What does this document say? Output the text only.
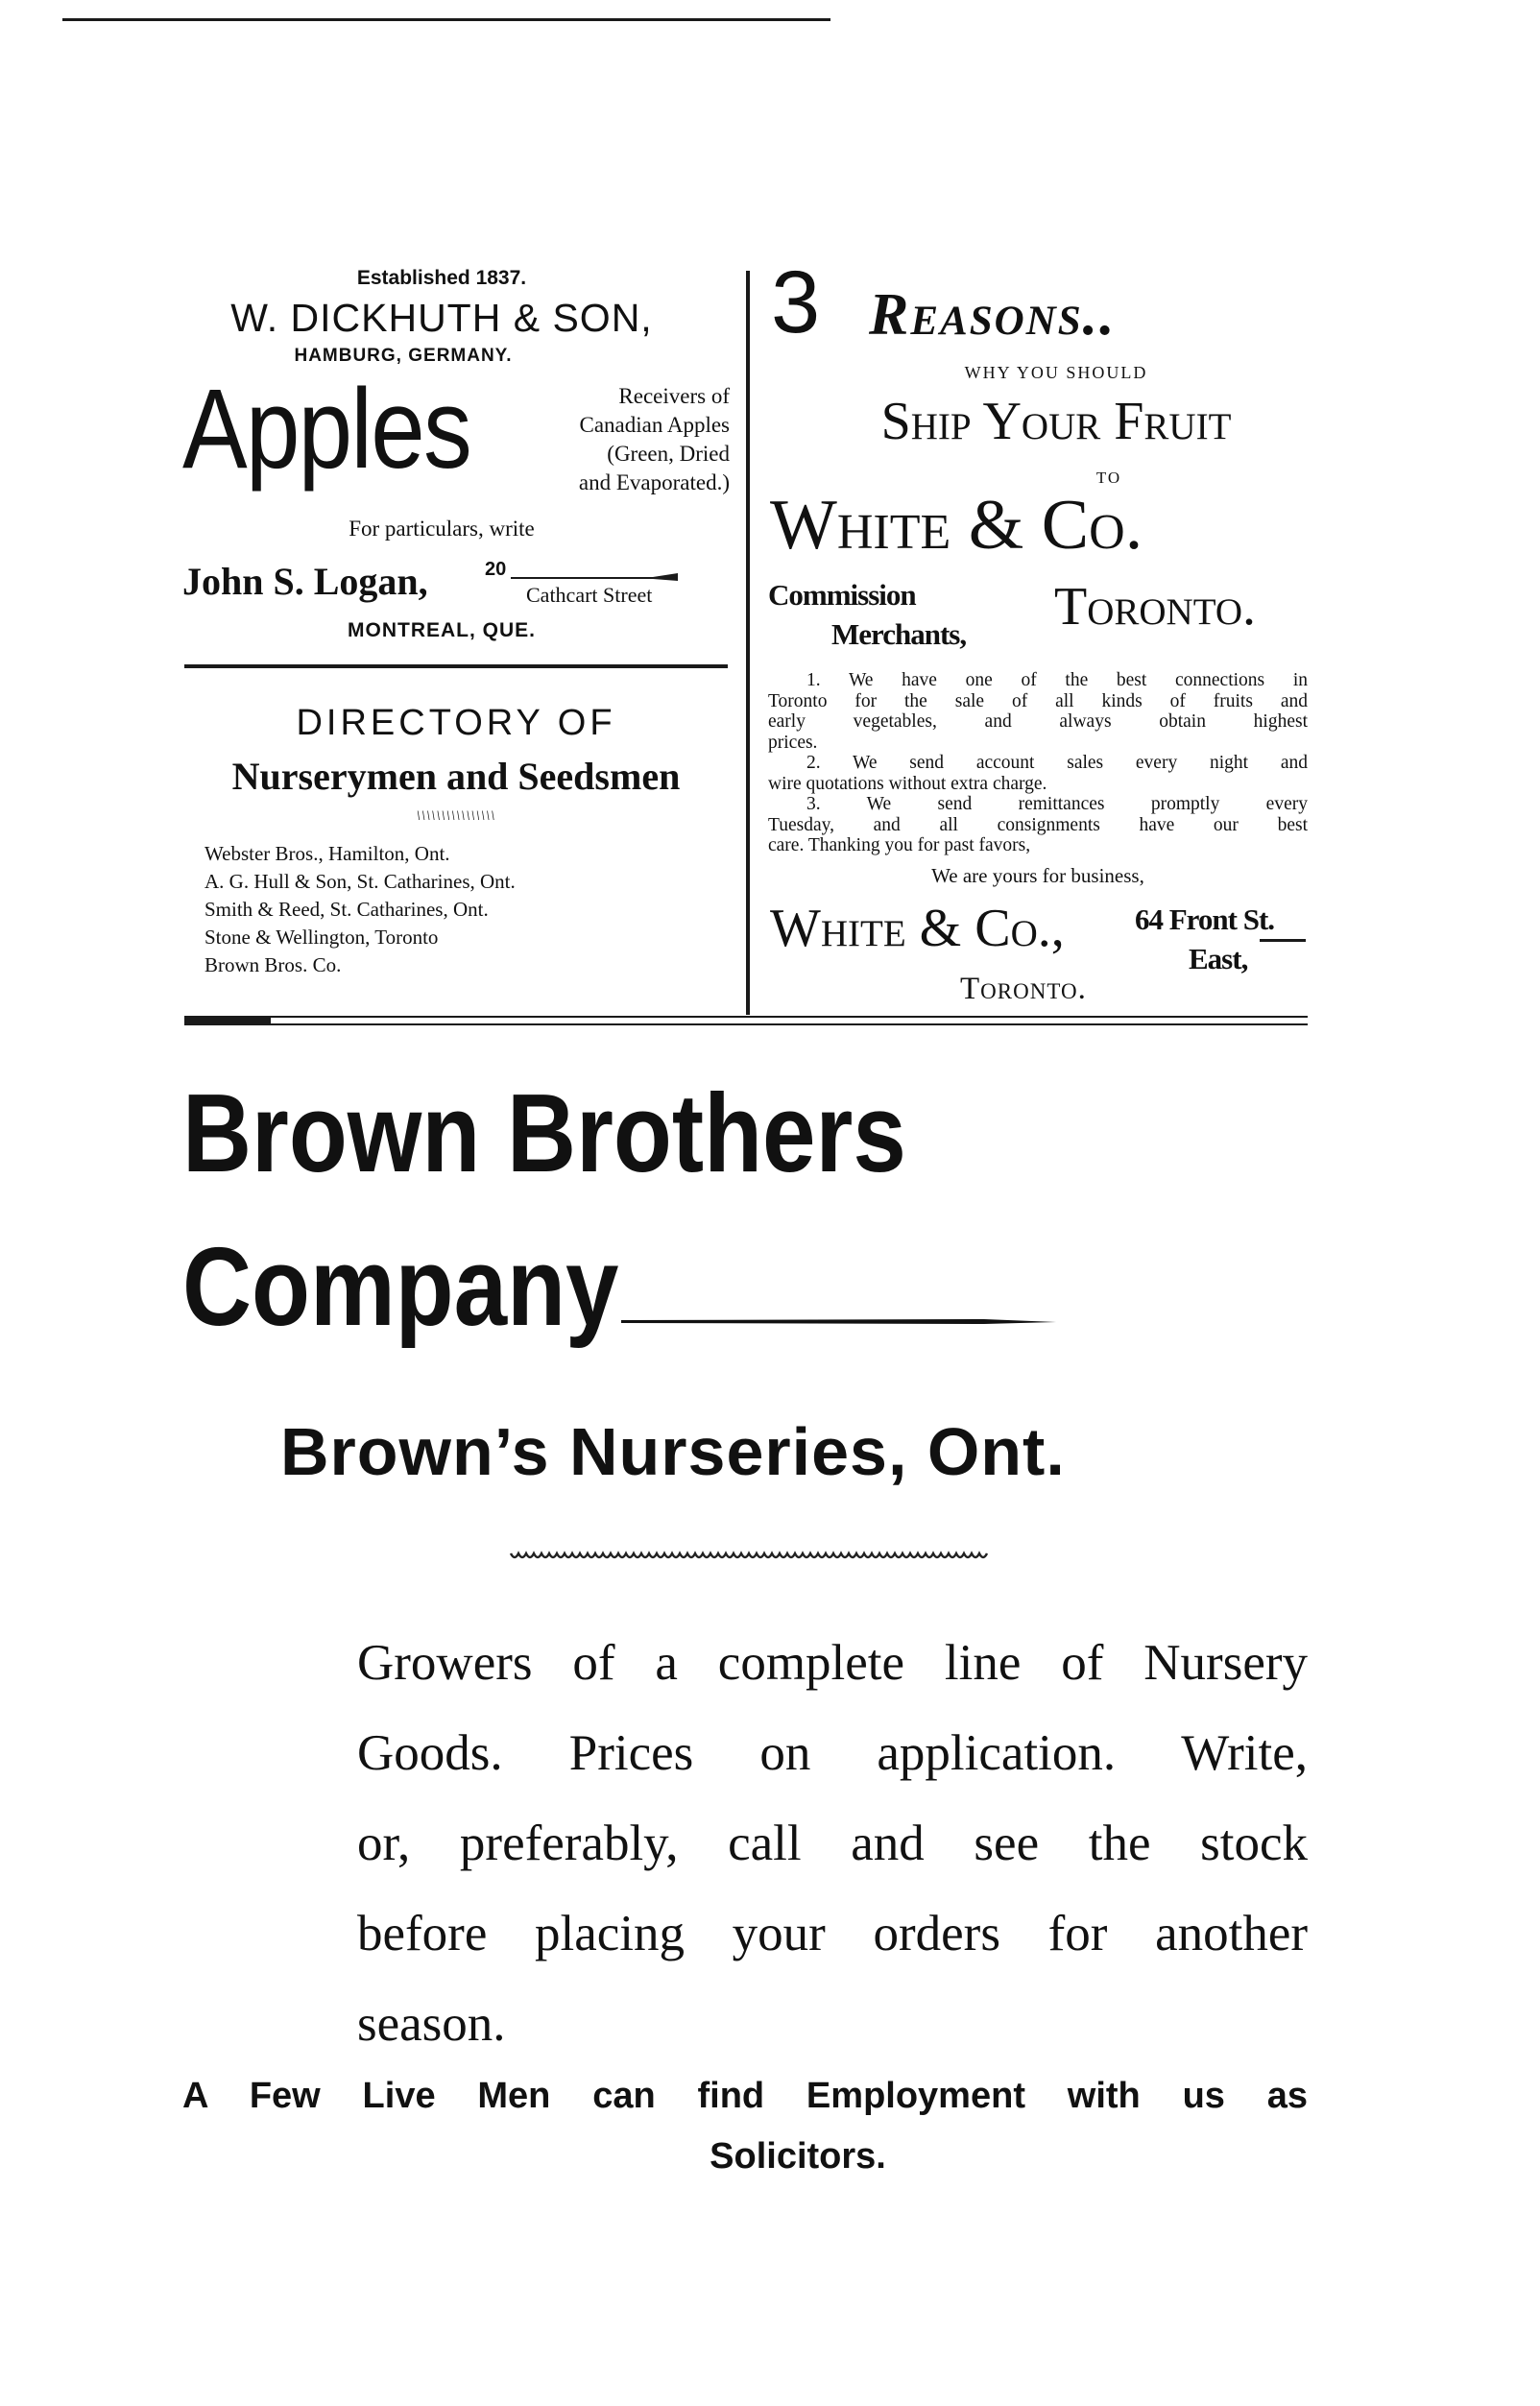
Established 1837.
W. DICKHUTH & SON,
HAMBURG, GERMANY.
Apples	Receivers of
Canadian Apples
(Green, Dried
and Evaporated.)
For particulars, write
John S. Logan,	20
Cathcart Street
MONTREAL, QUE.
DIRECTORY OF
Nurserymen and Seedsmen
\\\\\\\\\\\\\\\\
Webster Bros., Hamilton, Ont.
A. G. Hull & Son, St. Catharines, Ont.
Smith & Reed, St. Catharines, Ont.
Stone & Wellington, Toronto
Brown Bros. Co.
3 Reasons..
WHY YOU SHOULD
Ship Your Fruit
TO
White & Co.
Commission
Merchants, Toronto.
1. We have one of the best connections in
Toronto for the sale of all kinds of fruits and
early vegetables, and always obtain highest
prices.
2. We send account sales every night and
wire quotations without extra charge.
3. We send remittances promptly every
Tuesday, and all consignments have our best
care. Thanking you for past favors,
We are yours for business,
White & Co., 64 Front St.
East,
Toronto.
Brown Brothers
Company
Brown’s Nurseries, Ont.
Growers of a complete line of Nursery
Goods. Prices on application. Write,
or, preferably, call and see the stock
before placing your orders for another
season.
A Few Live Men can find Employment with us as
Solicitors.
